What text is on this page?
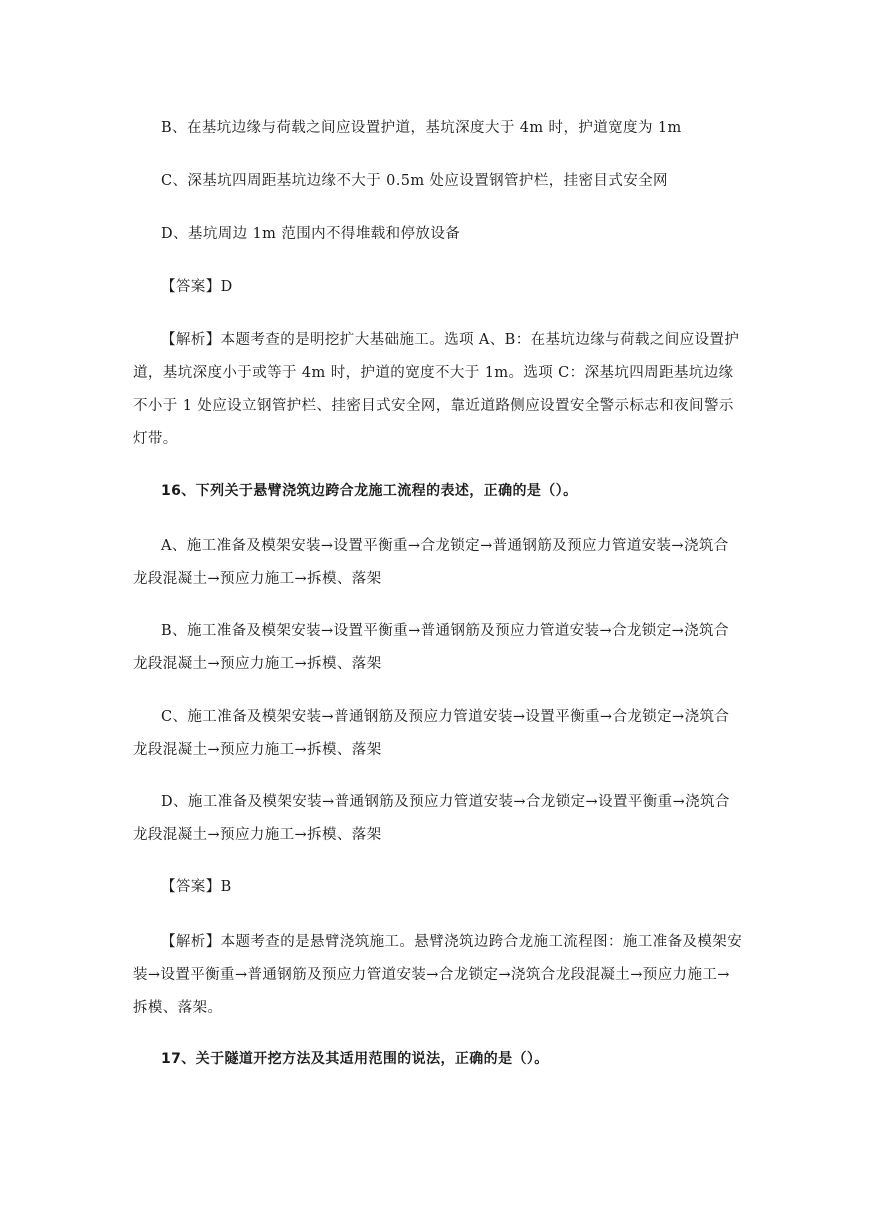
B、在基坑边缘与荷载之间应设置护道，基坑深度大于 4m 时，护道宽度为 1m

C、深基坑四周距基坑边缘不大于 0.5m 处应设置钢管护栏，挂密目式安全网

D、基坑周边 1m 范围内不得堆载和停放设备

【答案】D

【解析】本题考查的是明挖扩大基础施工。选项 A、B：在基坑边缘与荷载之间应设置护道，基坑深度小于或等于 4m 时，护道的宽度不大于 1m。选项 C：深基坑四周距基坑边缘不小于 1 处应设立钢管护栏、挂密目式安全网，靠近道路侧应设置安全警示标志和夜间警示灯带。

16、下列关于悬臂浇筑边跨合龙施工流程的表述，正确的是（）。

A、施工准备及模架安装→设置平衡重→合龙锁定→普通钢筋及预应力管道安装→浇筑合龙段混凝土→预应力施工→拆模、落架

B、施工准备及模架安装→设置平衡重→普通钢筋及预应力管道安装→合龙锁定→浇筑合龙段混凝土→预应力施工→拆模、落架

C、施工准备及模架安装→普通钢筋及预应力管道安装→设置平衡重→合龙锁定→浇筑合龙段混凝土→预应力施工→拆模、落架

D、施工准备及模架安装→普通钢筋及预应力管道安装→合龙锁定→设置平衡重→浇筑合龙段混凝土→预应力施工→拆模、落架

【答案】B

【解析】本题考查的是悬臂浇筑施工。悬臂浇筑边跨合龙施工流程图：施工准备及模架安装→设置平衡重→普通钢筋及预应力管道安装→合龙锁定→浇筑合龙段混凝土→预应力施工→拆模、落架。

17、关于隧道开挖方法及其适用范围的说法，正确的是（）。
